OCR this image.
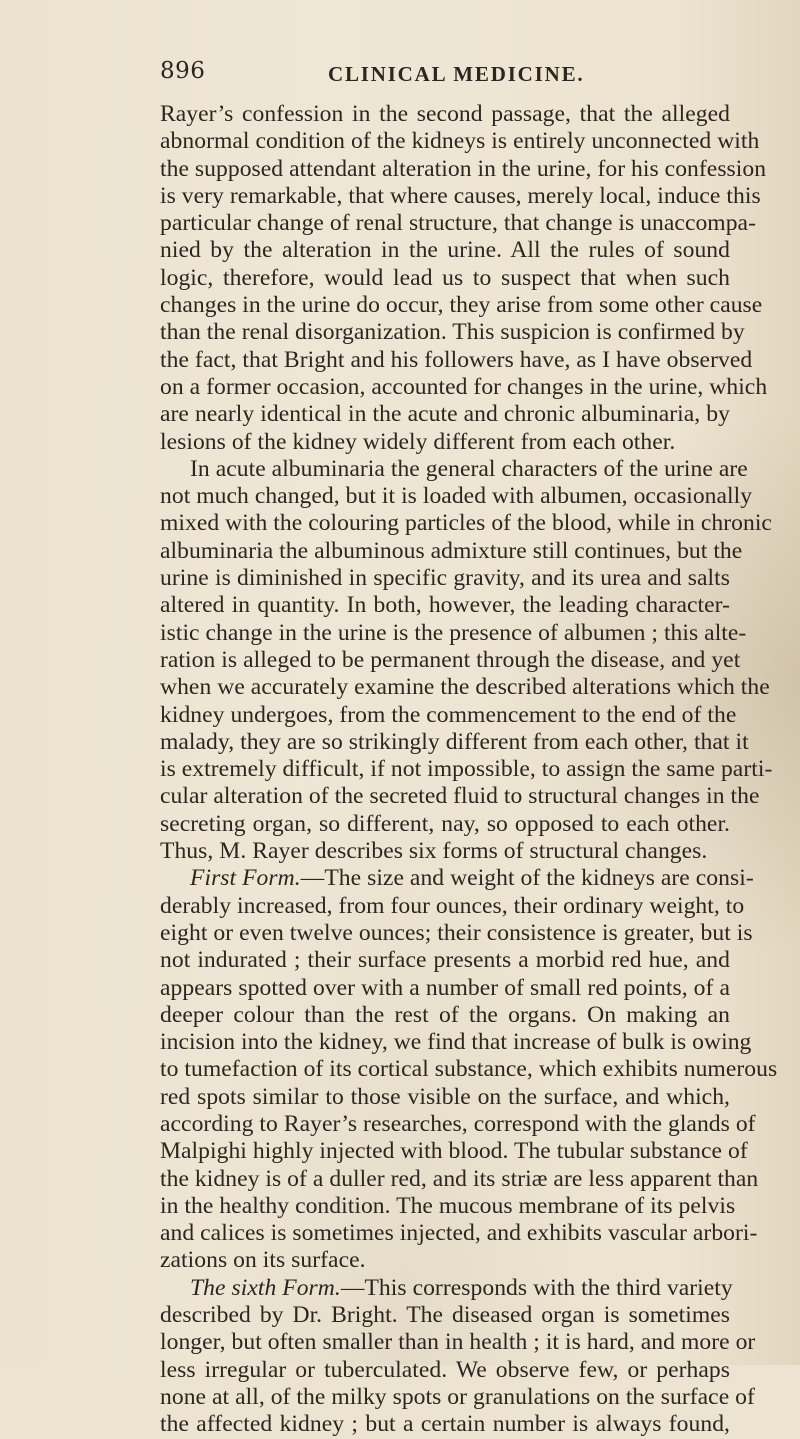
896	CLINICAL MEDICINE.
Rayer’s confession in the second passage, that the alleged
abnormal condition of the kidneys is entirely unconnected with
the supposed attendant alteration in the urine, for his confession
is very remarkable, that where causes, merely local, induce this
particular change of renal structure, that change is unaccompa-
nied by the alteration in the urine. All the rules of sound
logic, therefore, would lead us to suspect that when such
changes in the urine do occur, they arise from some other cause
than the renal disorganization. This suspicion is confirmed by
the fact, that Bright and his followers have, as I have observed
on a former occasion, accounted for changes in the urine, which
are nearly identical in the acute and chronic albuminaria, by
lesions of the kidney widely different from each other.
In acute albuminaria the general characters of the urine are
not much changed, but it is loaded with albumen, occasionally
mixed with the colouring particles of the blood, while in chronic
albuminaria the albuminous admixture still continues, but the
urine is diminished in specific gravity, and its urea and salts
altered in quantity. In both, however, the leading character-
istic change in the urine is the presence of albumen ; this alte-
ration is alleged to be permanent through the disease, and yet
when we accurately examine the described alterations which the
kidney undergoes, from the commencement to the end of the
malady, they are so strikingly different from each other, that it
is extremely difficult, if not impossible, to assign the same parti-
cular alteration of the secreted fluid to structural changes in the
secreting organ, so different, nay, so opposed to each other.
Thus, M. Rayer describes six forms of structural changes.
First Form.—The size and weight of the kidneys are consi-
derably increased, from four ounces, their ordinary weight, to
eight or even twelve ounces; their consistence is greater, but is
not indurated ; their surface presents a morbid red hue, and
appears spotted over with a number of small red points, of a
deeper colour than the rest of the organs. On making an
incision into the kidney, we find that increase of bulk is owing
to tumefaction of its cortical substance, which exhibits numerous
red spots similar to those visible on the surface, and which,
according to Rayer’s researches, correspond with the glands of
Malpighi highly injected with blood. The tubular substance of
the kidney is of a duller red, and its striæ are less apparent than
in the healthy condition. The mucous membrane of its pelvis
and calices is sometimes injected, and exhibits vascular arbori-
zations on its surface.
The sixth Form.—This corresponds with the third variety
described by Dr. Bright. The diseased organ is sometimes
longer, but often smaller than in health ; it is hard, and more or
less irregular or tuberculated. We observe few, or perhaps
none at all, of the milky spots or granulations on the surface of
the affected kidney ; but a certain number is always found,
